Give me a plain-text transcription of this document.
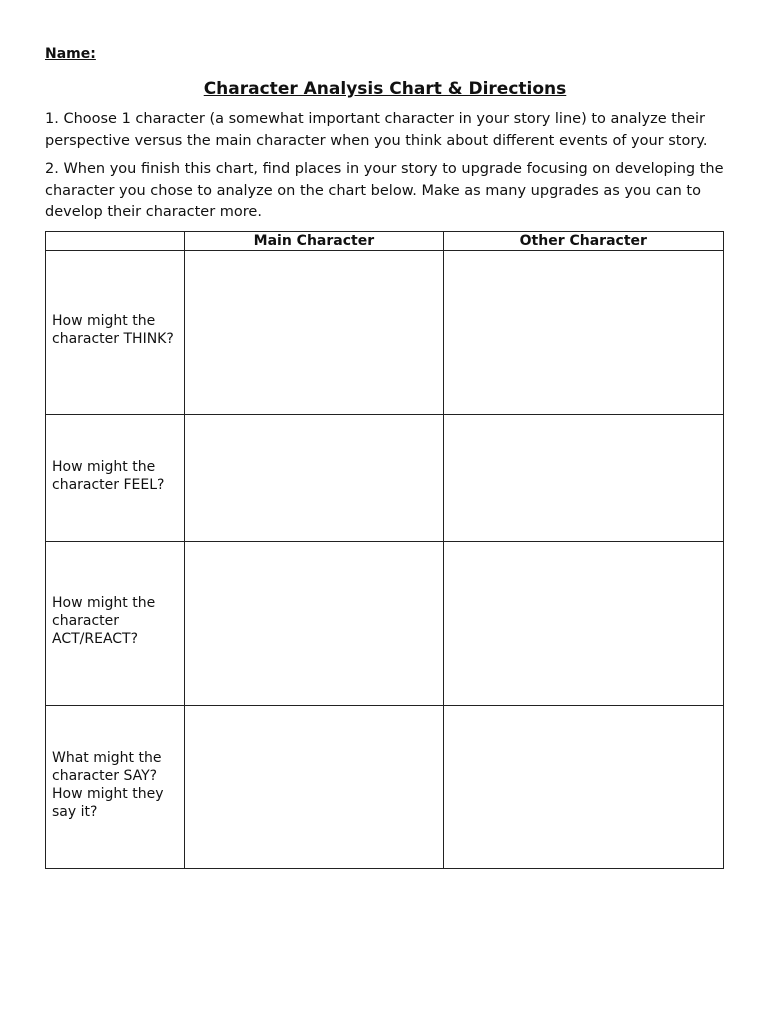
Name:

Character Analysis Chart & Directions

1. Choose 1 character (a somewhat important character in your story line) to analyze their perspective versus the main character when you think about different events of your story.

2. When you finish this chart, find places in your story to upgrade focusing on developing the character you chose to analyze on the chart below. Make as many upgrades as you can to develop their character more.

	Main Character	Other Character

How might the character THINK?		

How might the character FEEL?		

How might the character ACT/REACT?		

What might the character SAY? How might they say it?		
